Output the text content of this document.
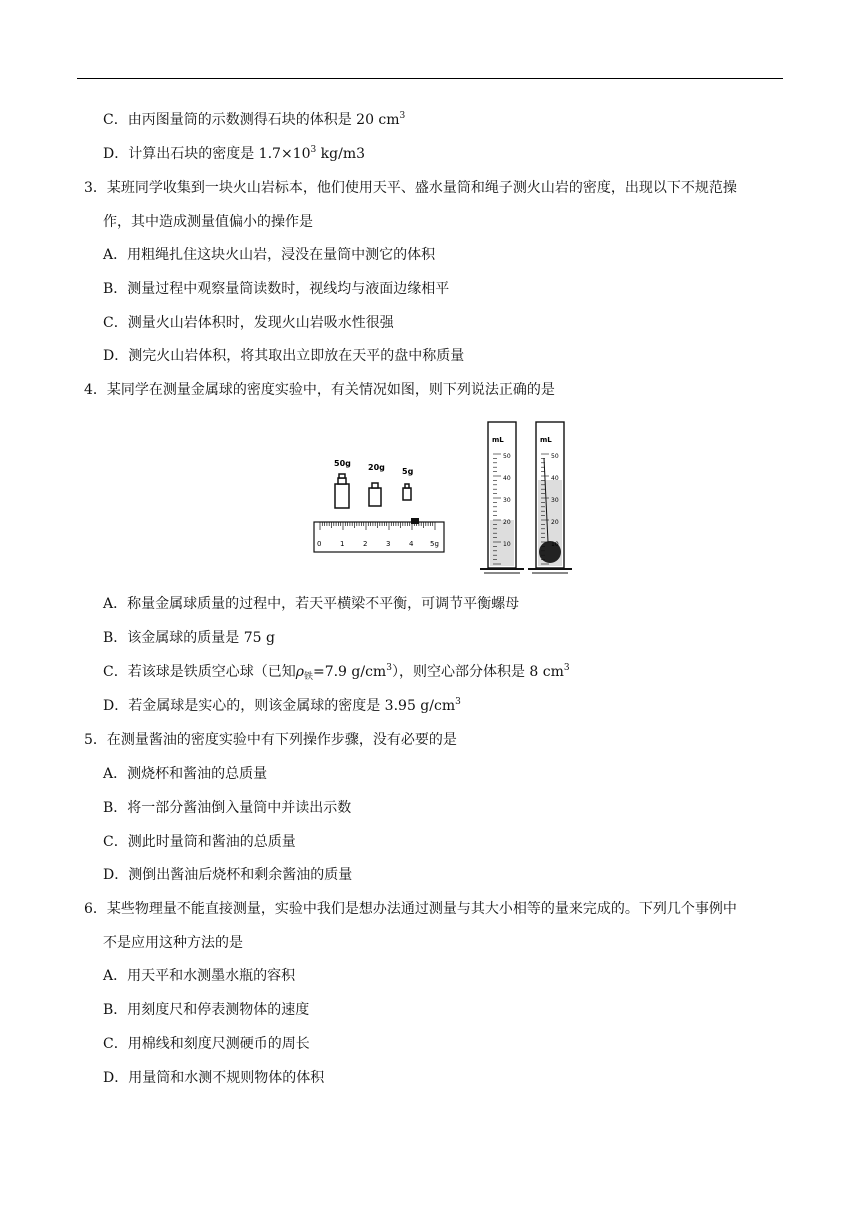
C．由丙图量筒的示数测得石块的体积是 20 $cm^3$
D．计算出石块的密度是 $1.7\times 10^3$ kg/m3
3．某班同学收集到一块火山岩标本，他们使用天平、盛水量筒和绳子测火山岩的密度，出现以下不规范操
作，其中造成测量值偏小的操作是
A．用粗绳扎住这块火山岩，浸没在量筒中测它的体积
B．测量过程中观察量筒读数时，视线均与液面边缘相平
C．测量火山岩体积时，发现火山岩吸水性很强
D．测完火山岩体积，将其取出立即放在天平的盘中称质量
4．某同学在测量金属球的密度实验中，有关情况如图，则下列说法正确的是
50g 20g 5g
0	1	2	3	4 5g
mL
50
40
30
20
10
mL
50
40
30
20
10
A．称量金属球质量的过程中，若天平横梁不平衡，可调节平衡螺母
B．该金属球的质量是 75 g
C．若该球是铁质空心球（已知$\rho_铁=7.9$ $g/cm^3$），则空心部分体积是 8 $cm^3$
D．若金属球是实心的，则该金属球的密度是 3.95 $g/cm^3$
5．在测量酱油的密度实验中有下列操作步骤，没有必要的是
A．测烧杯和酱油的总质量
B．将一部分酱油倒入量筒中并读出示数
C．测此时量筒和酱油的总质量
D．测倒出酱油后烧杯和剩余酱油的质量
6．某些物理量不能直接测量，实验中我们是想办法通过测量与其大小相等的量来完成的。下列几个事例中
不是应用这种方法的是
A．用天平和水测墨水瓶的容积
B．用刻度尺和停表测物体的速度
C．用棉线和刻度尺测硬币的周长
D．用量筒和水测不规则物体的体积
